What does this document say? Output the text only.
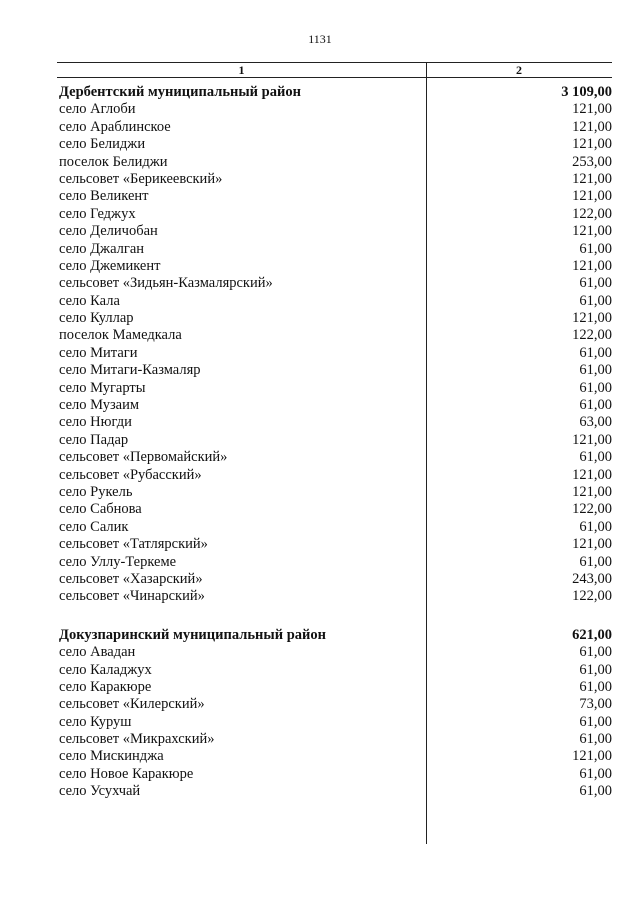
1131
1	2
Дербентский муниципальный район	3 109,00
село Аглоби	121,00
село Араблинское	121,00
село Белиджи	121,00
поселок Белиджи	253,00
сельсовет «Берикеевский»	121,00
село Великент	121,00
село Геджух	122,00
село Деличобан	121,00
село Джалган	61,00
село Джемикент	121,00
сельсовет «Зидьян-Казмалярский»	61,00
село Кала	61,00
село Куллар	121,00
поселок Мамедкала	122,00
село Митаги	61,00
село Митаги-Казмаляр	61,00
село Мугарты	61,00
село Музаим	61,00
село Нюгди	63,00
село Падар	121,00
сельсовет «Первомайский»	61,00
сельсовет «Рубасский»	121,00
село Рукель	121,00
село Сабнова	122,00
село Салик	61,00
сельсовет «Татлярский»	121,00
село Уллу-Теркеме	61,00
сельсовет «Хазарский»	243,00
сельсовет «Чинарский»	122,00
Докузпаринский муниципальный район	621,00
село Авадан	61,00
село Каладжух	61,00
село Каракюре	61,00
сельсовет «Килерский»	73,00
село Куруш	61,00
сельсовет «Микрахский»	61,00
село Мискинджа	121,00
село Новое Каракюре	61,00
село Усухчай	61,00
